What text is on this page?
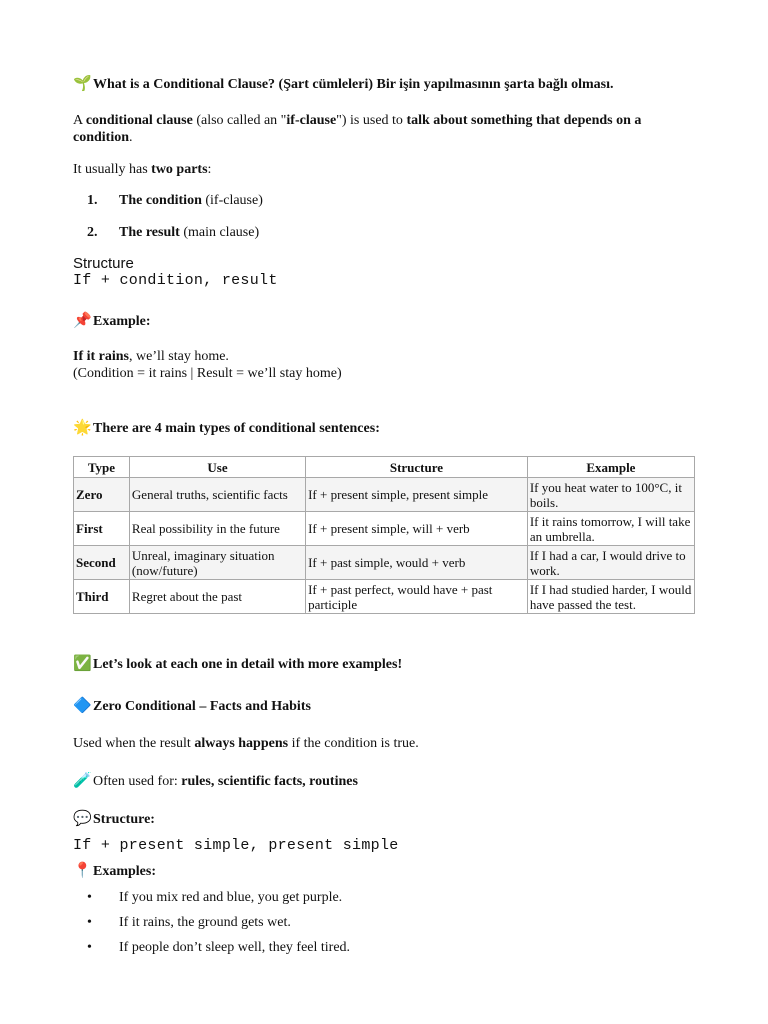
🌱What is a Conditional Clause? (Şart cümleleri) Bir işin yapılmasının şarta bağlı olması.
A conditional clause (also called an "if-clause") is used to talk about something that depends on a condition.
It usually has two parts:
1. The condition (if-clause)
2. The result (main clause)
Structure
If + condition, result
📌Example:
If it rains, we’ll stay home.
(Condition = it rains | Result = we’ll stay home)
🌟There are 4 main types of conditional sentences:
Type	Use	Structure	Example
Zero	General truths, scientific facts	If + present simple, present simple	If you heat water to 100°C, it boils.
First	Real possibility in the future	If + present simple, will + verb	If it rains tomorrow, I will take an umbrella.
Second	Unreal, imaginary situation (now/future)	If + past simple, would + verb	If I had a car, I would drive to work.
Third	Regret about the past	If + past perfect, would have + past participle	If I had studied harder, I would have passed the test.
✅Let’s look at each one in detail with more examples!
🔷Zero Conditional – Facts and Habits
Used when the result always happens if the condition is true.
🧪Often used for: rules, scientific facts, routines
💬Structure:
If + present simple, present simple
📍Examples:
• If you mix red and blue, you get purple.
• If it rains, the ground gets wet.
• If people don’t sleep well, they feel tired.
